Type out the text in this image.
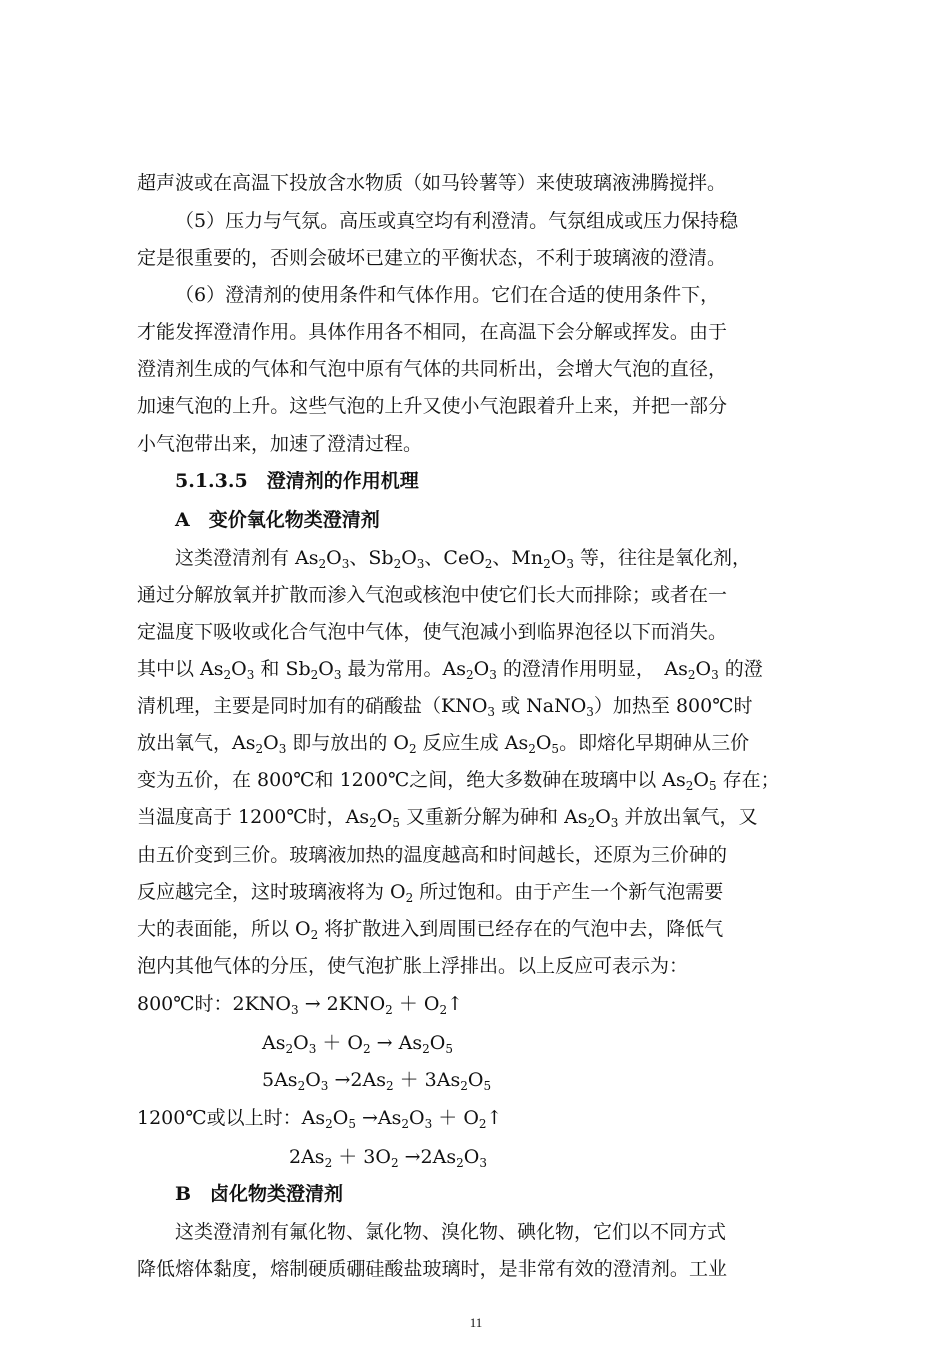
超声波或在高温下投放含水物质（如马铃薯等）来使玻璃液沸腾搅拌。
（5）压力与气氛。高压或真空均有利澄清。气氛组成或压力保持稳
定是很重要的，否则会破坏已建立的平衡状态，不利于玻璃液的澄清。
（6）澄清剂的使用条件和气体作用。它们在合适的使用条件下，
才能发挥澄清作用。具体作用各不相同，在高温下会分解或挥发。由于
澄清剂生成的气体和气泡中原有气体的共同析出，会增大气泡的直径，
加速气泡的上升。这些气泡的上升又使小气泡跟着升上来，并把一部分
小气泡带出来，加速了澄清过程。
5.1.3.5　澄清剂的作用机理
A　变价氧化物类澄清剂
这类澄清剂有 $As_2O_3$、$Sb_2O_3$、CeO$_2$、$Mn_2O_3$ 等，往往是氧化剂，
通过分解放氧并扩散而渗入气泡或核泡中使它们长大而排除；或者在一
定温度下吸收或化合气泡中气体，使气泡减小到临界泡径以下而消失。
其中以 $As_2O_3$ 和 $Sb_2O_3$ 最为常用。$As_2O_3$ 的澄清作用明显，　$As_2O_3$ 的澄
清机理，主要是同时加有的硝酸盐（$KNO_3$ 或 NaNO$_3$）加热至 800℃时
放出氧气，$As_2O_3$ 即与放出的 $O_2$ 反应生成 $As_2O_5$。即熔化早期砷从三价
变为五价，在 800℃和 1200℃之间，绝大多数砷在玻璃中以 $As_2O_5$ 存在；
当温度高于 1200℃时，$As_2O_5$ 又重新分解为砷和 $As_2O_3$ 并放出氧气，又
由五价变到三价。玻璃液加热的温度越高和时间越长，还原为三价砷的
反应越完全，这时玻璃液将为 $O_2$ 所过饱和。由于产生一个新气泡需要
大的表面能，所以 $O_2$ 将扩散进入到周围已经存在的气泡中去，降低气
泡内其他气体的分压，使气泡扩胀上浮排出。以上反应可表示为：
800℃时：$2KNO_3 \to 2KNO_2$ ＋ $O_2↑$
$As_2O_3 + O_2 \to As_2O_5$
$5As_2O_3 \to 2As_2 + 3As_2O_5$
1200℃或以上时：$As_2O_5 \to As_2O_3$ ＋ $O_2↑$
$2As_2 + 3O_2 \to 2As_2O_3$
B　卤化物类澄清剂
这类澄清剂有氟化物、氯化物、溴化物、碘化物，它们以不同方式
降低熔体黏度，熔制硬质硼硅酸盐玻璃时，是非常有效的澄清剂。工业
11
